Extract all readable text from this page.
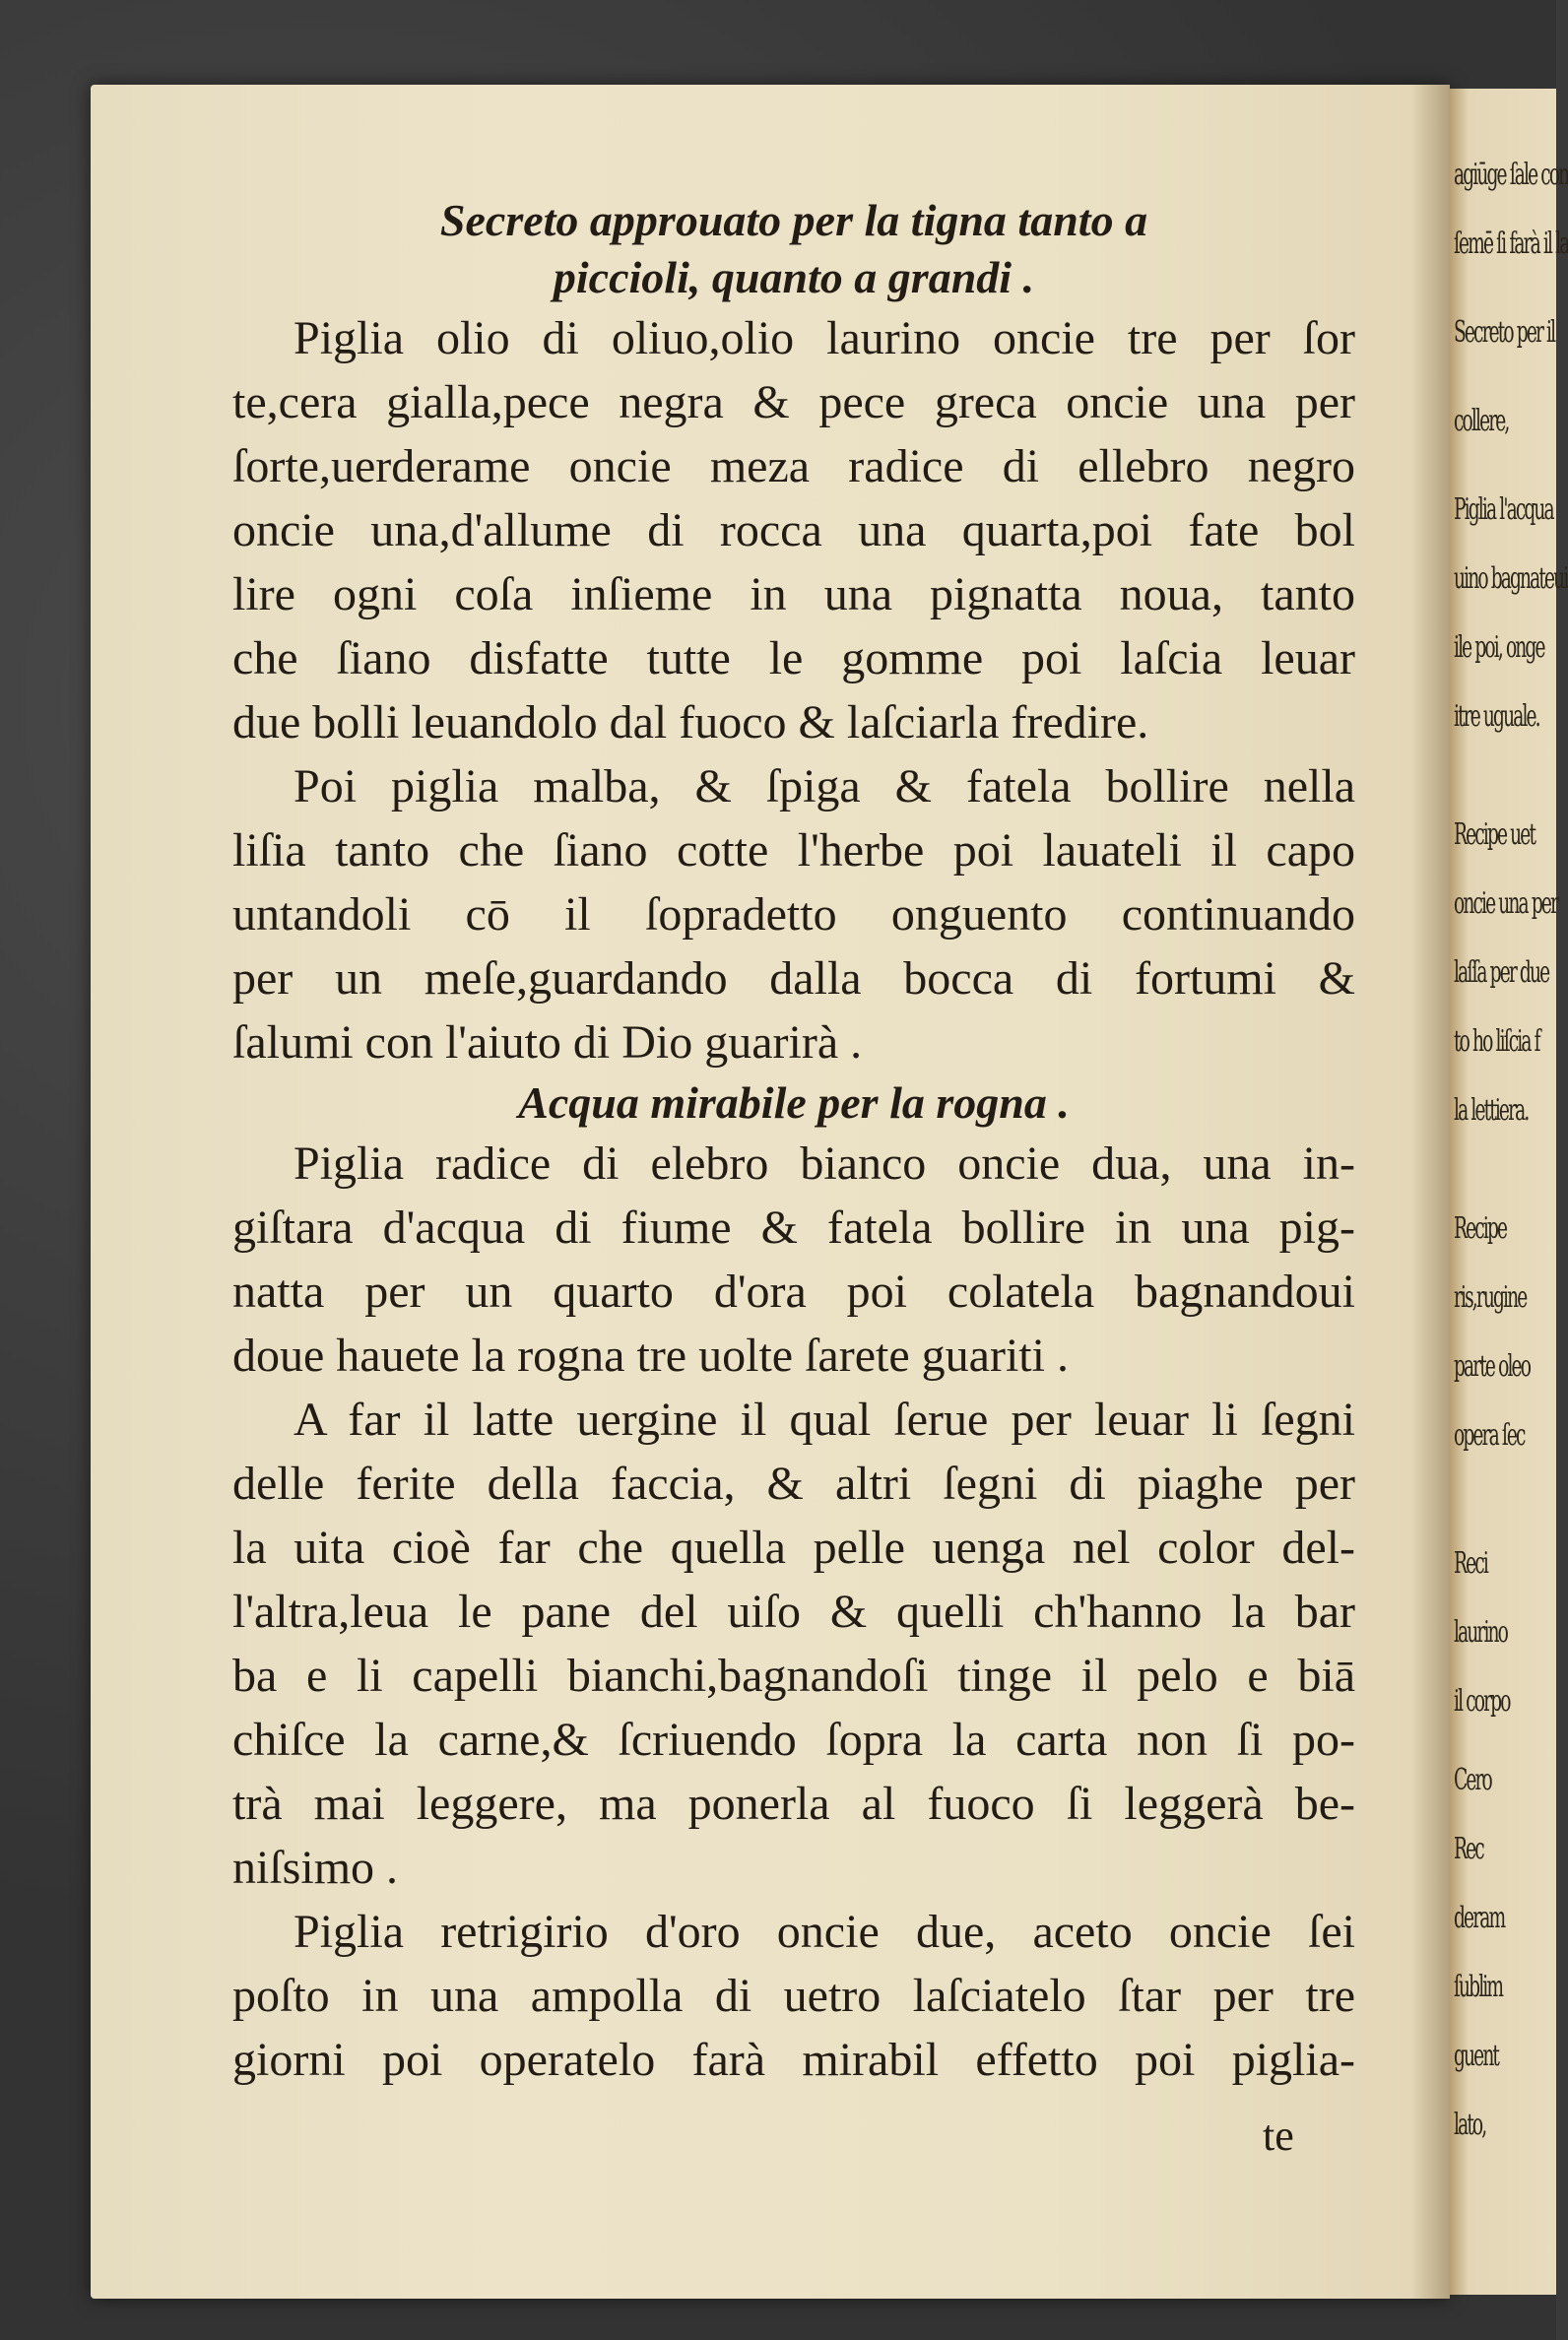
agiūge ſale con
ſemē ſi farà il la
Secreto per il
collere,
Piglia l'acqua
uino bagnateui
ile poi, onge
itre uguale.
Recipe uet
oncie una per
laſſa per due
to ho liſcia f
la lettiera.
Recipe
ris,rugine
parte oleo
opera ſec
Reci
laurino
il corpo
Cero
Rec
deram
ſublim
guent
lato,

Secreto approuato per la tigna tanto a
piccioli, quanto a grandi .

Piglia olio di oliuo,olio laurino oncie tre per ſor

te,cera gialla,pece negra & pece greca oncie una per

ſorte,uerderame oncie meza radice di ellebro negro

oncie una,d'allume di rocca una quarta,poi fate bol

lire ogni coſa inſieme in una pignatta noua, tanto

che ſiano disfatte tutte le gomme poi laſcia leuar

due bolli leuandolo dal fuoco & laſciarla fredire.

Poi piglia malba, & ſpiga & fatela bollire nella

liſia tanto che ſiano cotte l'herbe poi lauateli il capo

untandoli cō il ſopradetto onguento continuando

per un meſe,guardando dalla bocca di fortumi &

ſalumi con l'aiuto di Dio guarirà .

Acqua mirabile per la rogna .

Piglia radice di elebro bianco oncie dua, una in-

giſtara d'acqua di fiume & fatela bollire in una pig-

natta per un quarto d'ora poi colatela bagnandoui

doue hauete la rogna tre uolte ſarete guariti .

A far il latte uergine il qual ſerue per leuar li ſegni

delle ferite della faccia, & altri ſegni di piaghe per

la uita cioè far che quella pelle uenga nel color del-

l'altra,leua le pane del uiſo & quelli ch'hanno la bar

ba e li capelli bianchi,bagnandoſi tinge il pelo e biā

chiſce la carne,& ſcriuendo ſopra la carta non ſi po-

trà mai leggere, ma ponerla al fuoco ſi leggerà be-

niſsimo .

Piglia retrigirio d'oro oncie due, aceto oncie ſei

poſto in una ampolla di uetro laſciatelo ſtar per tre

giorni poi operatelo farà mirabil effetto poi piglia-

te
